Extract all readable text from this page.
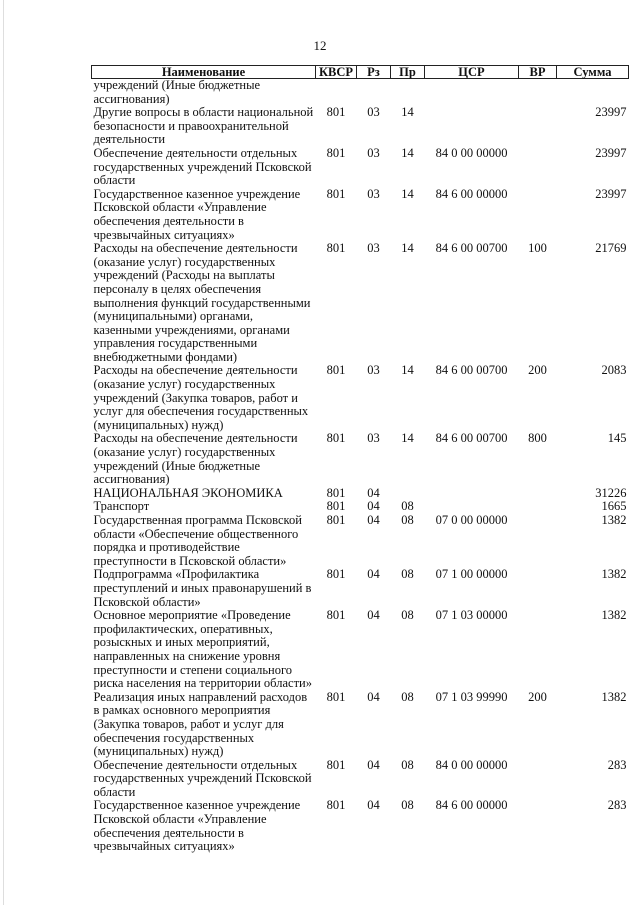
12
Наименование	КВСР	Рз	Пр	ЦСР	ВР	Сумма
учреждений (Иные бюджетные ассигнования)						
Другие вопросы в области национальной безопасности и правоохранительной деятельности	801	03	14			23997
Обеспечение деятельности отдельных государственных учреждений Псковской области	801	03	14	84 0 00 00000		23997
Государственное казенное учреждение Псковской области «Управление обеспечения деятельности в чрезвычайных ситуациях»	801	03	14	84 6 00 00000		23997
Расходы на обеспечение деятельности (оказание услуг) государственных учреждений (Расходы на выплаты персоналу в целях обеспечения выполнения функций государственными (муниципальными) органами, казенными учреждениями, органами управления государственными внебюджетными фондами)	801	03	14	84 6 00 00700	100	21769
Расходы на обеспечение деятельности (оказание услуг) государственных учреждений (Закупка товаров, работ и услуг для обеспечения государственных (муниципальных) нужд)	801	03	14	84 6 00 00700	200	2083
Расходы на обеспечение деятельности (оказание услуг) государственных учреждений (Иные бюджетные ассигнования)	801	03	14	84 6 00 00700	800	145
НАЦИОНАЛЬНАЯ ЭКОНОМИКА	801	04				31226
Транспорт	801	04	08			1665
Государственная программа Псковской области «Обеспечение общественного порядка и противодействие преступности в Псковской области»	801	04	08	07 0 00 00000		1382
Подпрограмма «Профилактика преступлений и иных правонарушений в Псковской области»	801	04	08	07 1 00 00000		1382
Основное мероприятие «Проведение профилактических, оперативных, розыскных и иных мероприятий, направленных на снижение уровня преступности и степени социального риска населения на территории области»	801	04	08	07 1 03 00000		1382
Реализация иных направлений расходов в рамках основного мероприятия (Закупка товаров, работ и услуг для обеспечения государственных (муниципальных) нужд)	801	04	08	07 1 03 99990	200	1382
Обеспечение деятельности отдельных государственных учреждений Псковской области	801	04	08	84 0 00 00000		283
Государственное казенное учреждение Псковской области «Управление обеспечения деятельности в чрезвычайных ситуациях»	801	04	08	84 6 00 00000		283
